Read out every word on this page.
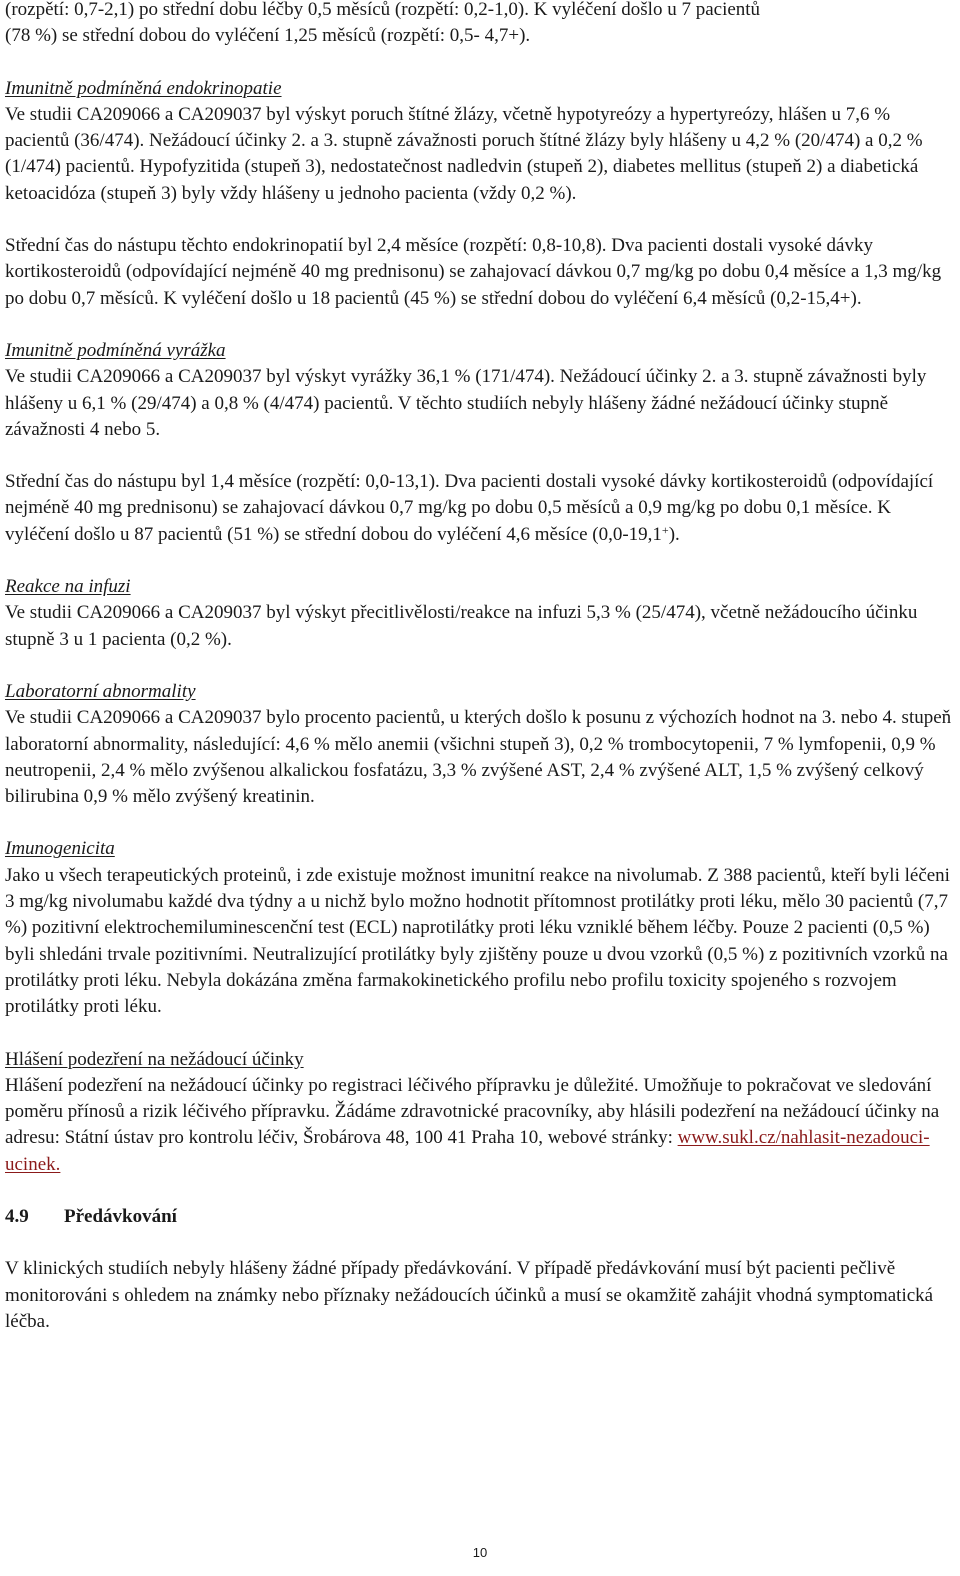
(rozpětí: 0,7-2,1) po střední dobu léčby 0,5 měsíců (rozpětí: 0,2-1,0). K vyléčení došlo u 7 pacientů

(78 %) se střední dobou do vyléčení 1,25 měsíců (rozpětí: 0,5- 4,7+).

Imunitně podmíněná endokrinopatie

Ve studii CA209066 a CA209037 byl výskyt poruch štítné žlázy, včetně hypotyreózy a hypertyreózy, hlášen u 7,6 % pacientů (36/474). Nežádoucí účinky 2. a 3. stupně závažnosti poruch štítné žlázy byly hlášeny u 4,2 % (20/474) a 0,2 % (1/474) pacientů. Hypofyzitida (stupeň 3), nedostatečnost nadledvin (stupeň 2), diabetes mellitus (stupeň 2) a diabetická ketoacidóza (stupeň 3) byly vždy hlášeny u jednoho pacienta (vždy 0,2 %).

Střední čas do nástupu těchto endokrinopatií byl 2,4 měsíce (rozpětí: 0,8-10,8). Dva pacienti dostali vysoké dávky kortikosteroidů (odpovídající nejméně 40 mg prednisonu) se zahajovací dávkou 0,7 mg/kg po dobu 0,4 měsíce a 1,3 mg/kg po dobu 0,7 měsíců. K vyléčení došlo u 18 pacientů (45 %) se střední dobou do vyléčení 6,4 měsíců (0,2-15,4+).

Imunitně podmíněná vyrážka

Ve studii CA209066 a CA209037 byl výskyt vyrážky 36,1 % (171/474). Nežádoucí účinky 2. a 3. stupně závažnosti byly hlášeny u 6,1 % (29/474) a 0,8 % (4/474) pacientů. V těchto studiích nebyly hlášeny žádné nežádoucí účinky stupně závažnosti 4 nebo 5.

Střední čas do nástupu byl 1,4 měsíce (rozpětí: 0,0-13,1). Dva pacienti dostali vysoké dávky kortikosteroidů (odpovídající nejméně 40 mg prednisonu) se zahajovací dávkou 0,7 mg/kg po dobu 0,5 měsíců a 0,9 mg/kg po dobu 0,1 měsíce. K vyléčení došlo u 87 pacientů (51 %) se střední dobou do vyléčení 4,6 měsíce (0,0-19,1+).

Reakce na infuzi

Ve studii CA209066 a CA209037 byl výskyt přecitlivělosti/reakce na infuzi 5,3 % (25/474), včetně nežádoucího účinku stupně 3 u 1 pacienta (0,2 %).

Laboratorní abnormality

Ve studii CA209066 a CA209037 bylo procento pacientů, u kterých došlo k posunu z výchozích hodnot na 3. nebo 4. stupeň laboratorní abnormality, následující: 4,6 % mělo anemii (všichni stupeň 3), 0,2 % trombocytopenii, 7 % lymfopenii, 0,9 % neutropenii, 2,4 % mělo zvýšenou alkalickou fosfatázu, 3,3 % zvýšené AST, 2,4 % zvýšené ALT, 1,5 % zvýšený celkový bilirubina 0,9 % mělo zvýšený kreatinin.

Imunogenicita

Jako u všech terapeutických proteinů, i zde existuje možnost imunitní reakce na nivolumab. Z 388 pacientů, kteří byli léčeni 3 mg/kg nivolumabu každé dva týdny a u nichž bylo možno hodnotit přítomnost protilátky proti léku, mělo 30 pacientů (7,7 %) pozitivní elektrochemiluminescenční test (ECL) naprotilátky proti léku vzniklé během léčby. Pouze 2 pacienti (0,5 %) byli shledáni trvale pozitivními. Neutralizující protilátky byly zjištěny pouze u dvou vzorků (0,5 %) z pozitivních vzorků na protilátky proti léku. Nebyla dokázána změna farmakokinetického profilu nebo profilu toxicity spojeného s rozvojem protilátky proti léku.

Hlášení podezření na nežádoucí účinky

Hlášení podezření na nežádoucí účinky po registraci léčivého přípravku je důležité. Umožňuje to pokračovat ve sledování poměru přínosů a rizik léčivého přípravku. Žádáme zdravotnické pracovníky, aby hlásili podezření na nežádoucí účinky na adresu: Státní ústav pro kontrolu léčiv, Šrobárova 48, 100 41 Praha 10, webové stránky: www.sukl.cz/nahlasit-nezadouci-ucinek.

4.9 Předávkování

V klinických studiích nebyly hlášeny žádné případy předávkování. V případě předávkování musí být pacienti pečlivě monitorováni s ohledem na známky nebo příznaky nežádoucích účinků a musí se okamžitě zahájit vhodná symptomatická léčba.

10
